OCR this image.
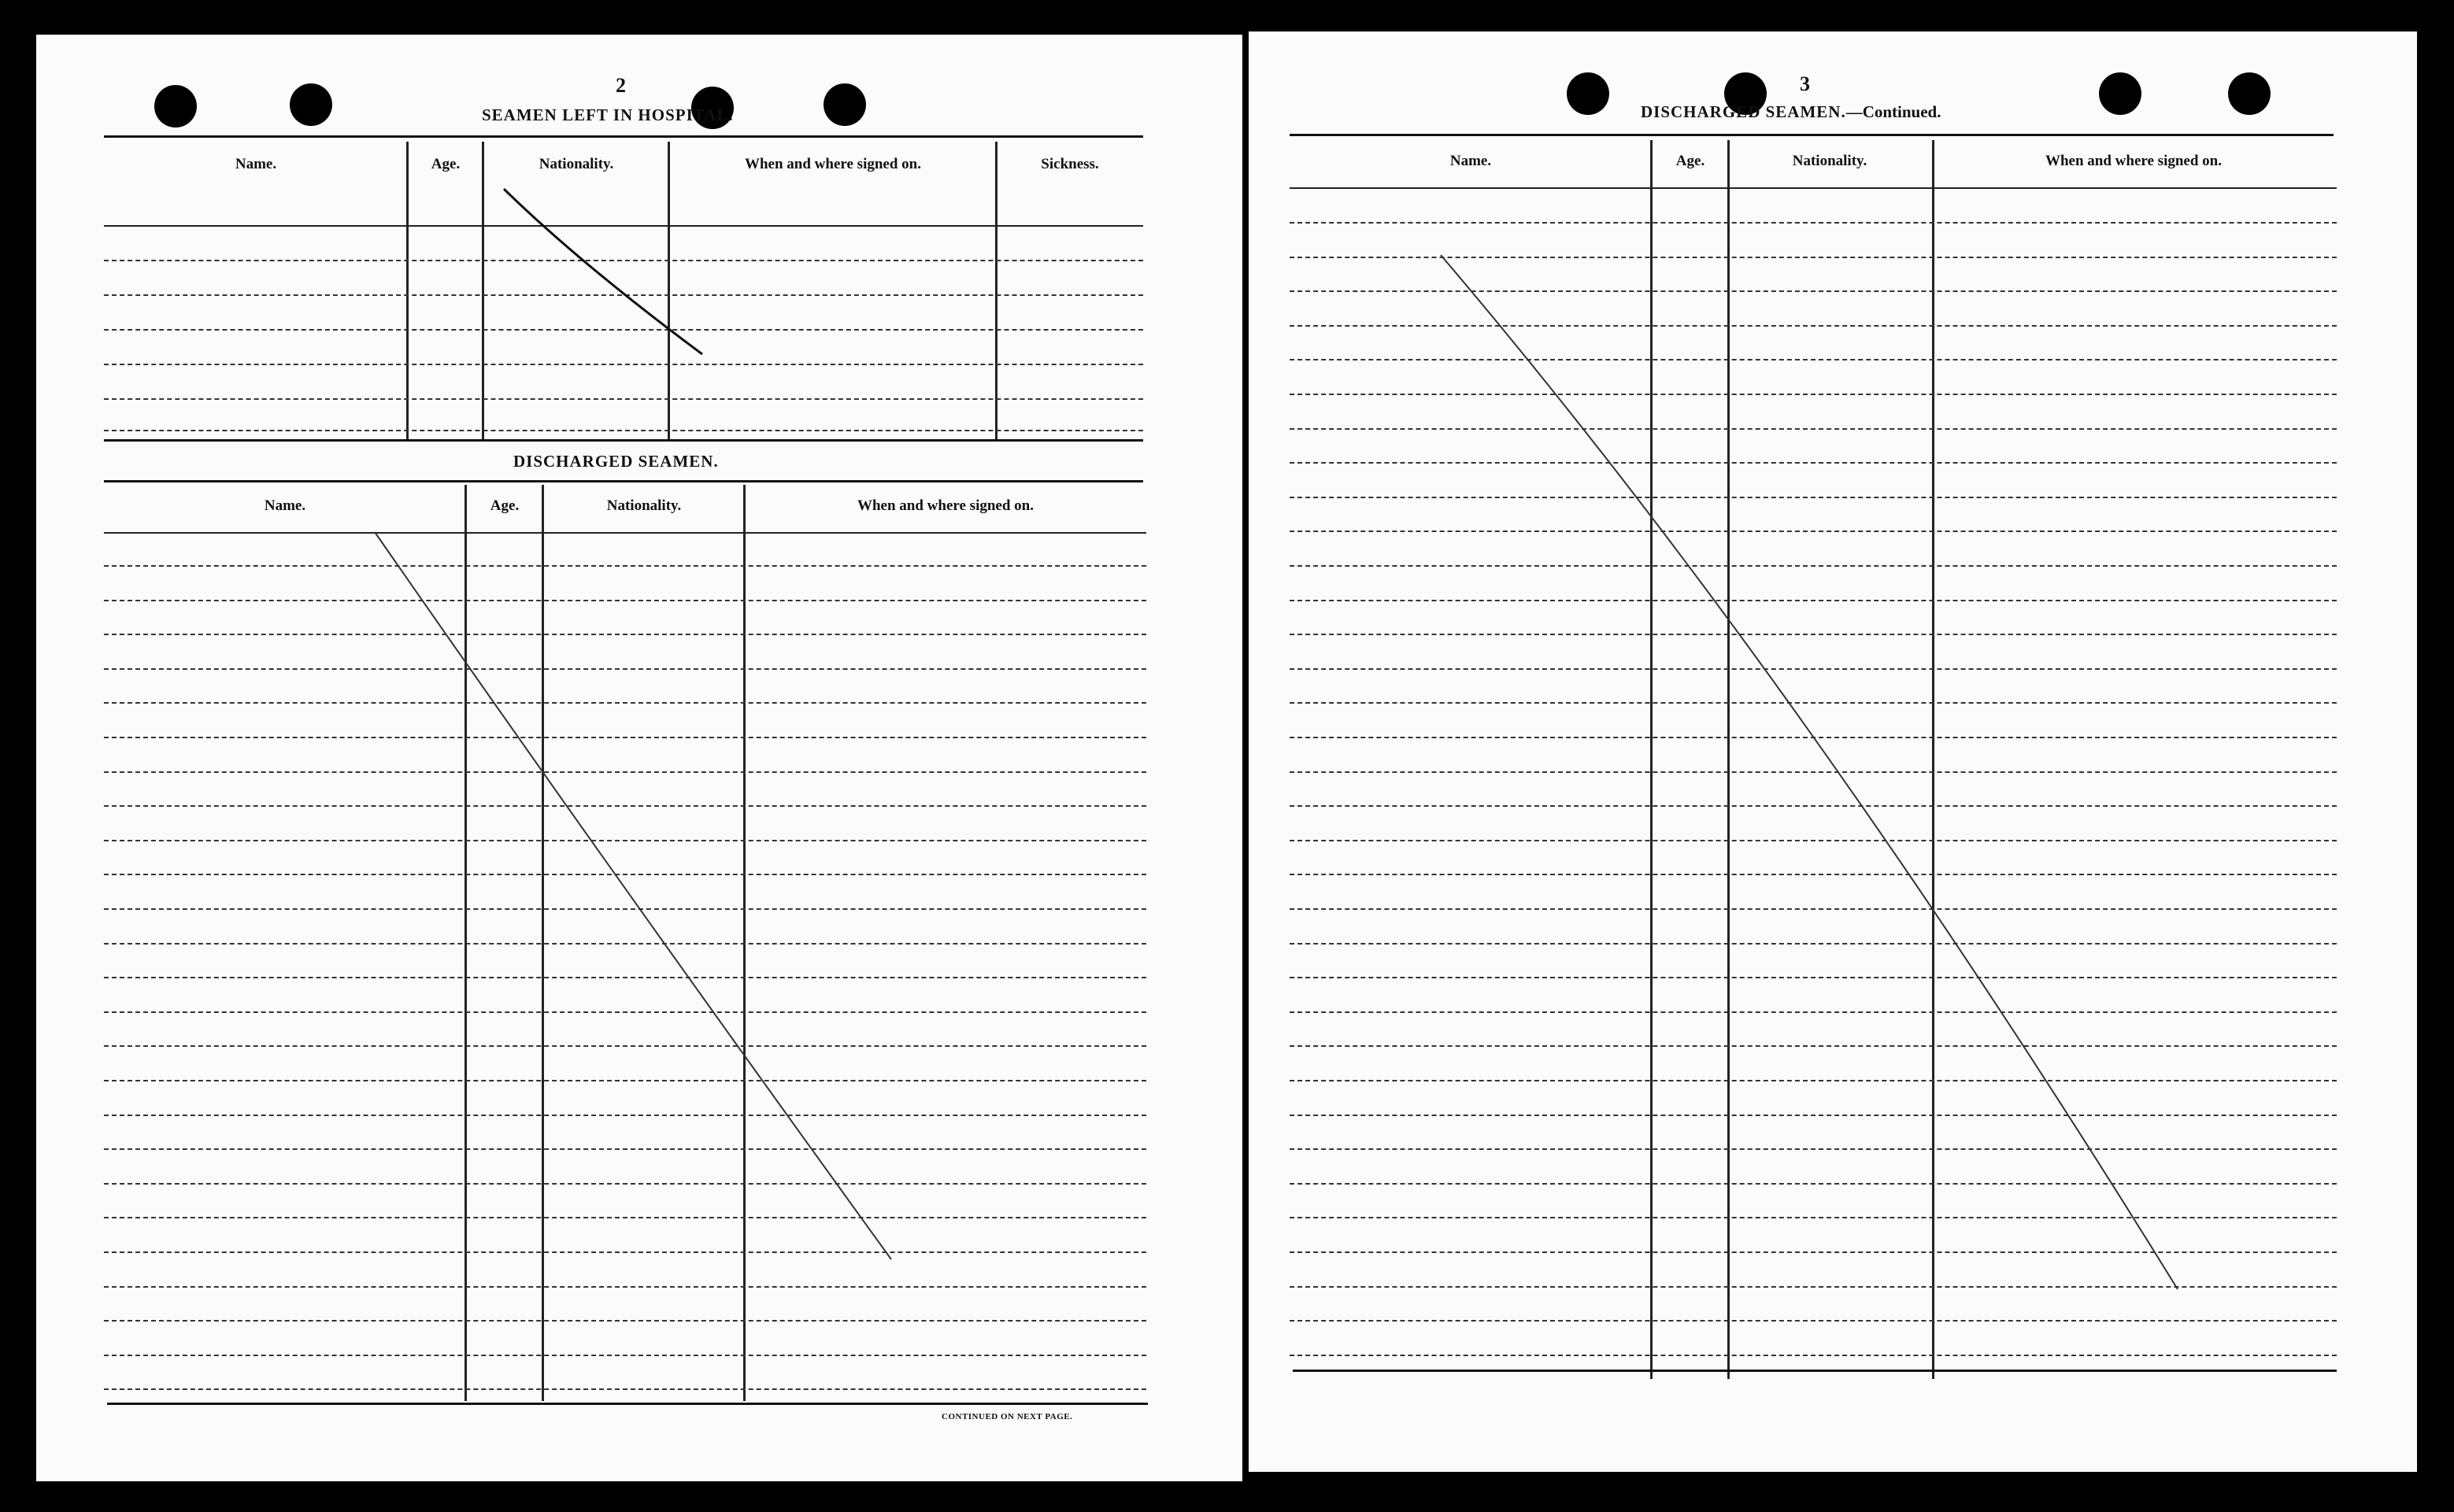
2
SEAMEN LEFT IN HOSPITAL.
Name.	Age.	Nationality.	When and where signed on.	Sickness.
DISCHARGED SEAMEN.
Name.	Age.	Nationality.	When and where signed on.
CONTINUED ON NEXT PAGE.
3
DISCHARGED SEAMEN.—Continued.
Name.	Age.	Nationality.	When and where signed on.
